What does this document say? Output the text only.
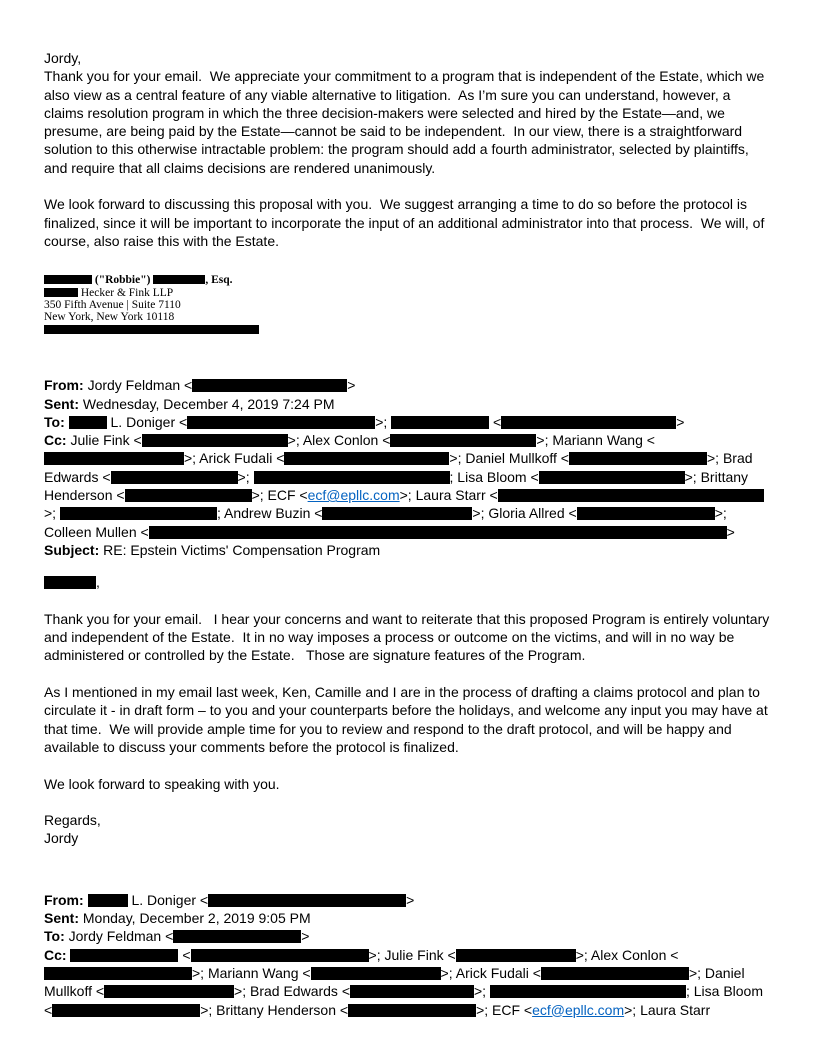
Jordy,

Thank you for your email.  We appreciate your commitment to a program that is independent of the Estate, which we also view as a central feature of any viable alternative to litigation.  As I’m sure you can understand, however, a claims resolution program in which the three decision-makers were selected and hired by the Estate—and, we presume, are being paid by the Estate—cannot be said to be independent.  In our view, there is a straightforward solution to this otherwise intractable problem: the program should add a fourth administrator, selected by plaintiffs, and require that all claims decisions are rendered unanimously.

We look forward to discussing this proposal with you.  We suggest arranging a time to do so before the protocol is finalized, since it will be important to incorporate the input of an additional administrator into that process.  We will, of course, also raise this with the Estate.

("Robbie")	, Esq.
Hecker & Fink LLP
350 Fifth Avenue | Suite 7110
New York, New York 10118
From: Jordy Feldman <	>
Sent: Wednesday, December 4, 2019 7:24 PM
To:	L. Doniger <	>;	<	>
Cc: Julie Fink <	>; Alex Conlon <	>; Mariann Wang <>; Arick Fudali <	>; Daniel Mullkoff <	>; Brad Edwards <	>;	; Lisa Bloom <	>; Brittany Henderson <	>; ECF <ecf@epllc.com>; Laura Starr <>;	; Andrew Buzin <	>; Gloria Allred <	>; Colleen Mullen <	>
Subject: RE: Epstein Victims' Compensation Program

,

Thank you for your email.   I hear your concerns and want to reiterate that this proposed Program is entirely voluntary and independent of the Estate.  It in no way imposes a process or outcome on the victims, and will in no way be administered or controlled by the Estate.   Those are signature features of the Program.

As I mentioned in my email last week, Ken, Camille and I are in the process of drafting a claims protocol and plan to circulate it - in draft form – to you and your counterparts before the holidays, and welcome any input you may have at that time.  We will provide ample time for you to review and respond to the draft protocol, and will be happy and available to discuss your comments before the protocol is finalized.

We look forward to speaking with you.

Regards,

Jordy

From:	L. Doniger <	>
Sent: Monday, December 2, 2019 9:05 PM
To: Jordy Feldman <	>
Cc:	<	>; Julie Fink <	>; Alex Conlon <>; Mariann Wang <	>; Arick Fudali <	>; Daniel Mullkoff <	>; Brad Edwards <	>;	; Lisa Bloom <	>; Brittany Henderson <	>; ECF <ecf@epllc.com>; Laura Starr
